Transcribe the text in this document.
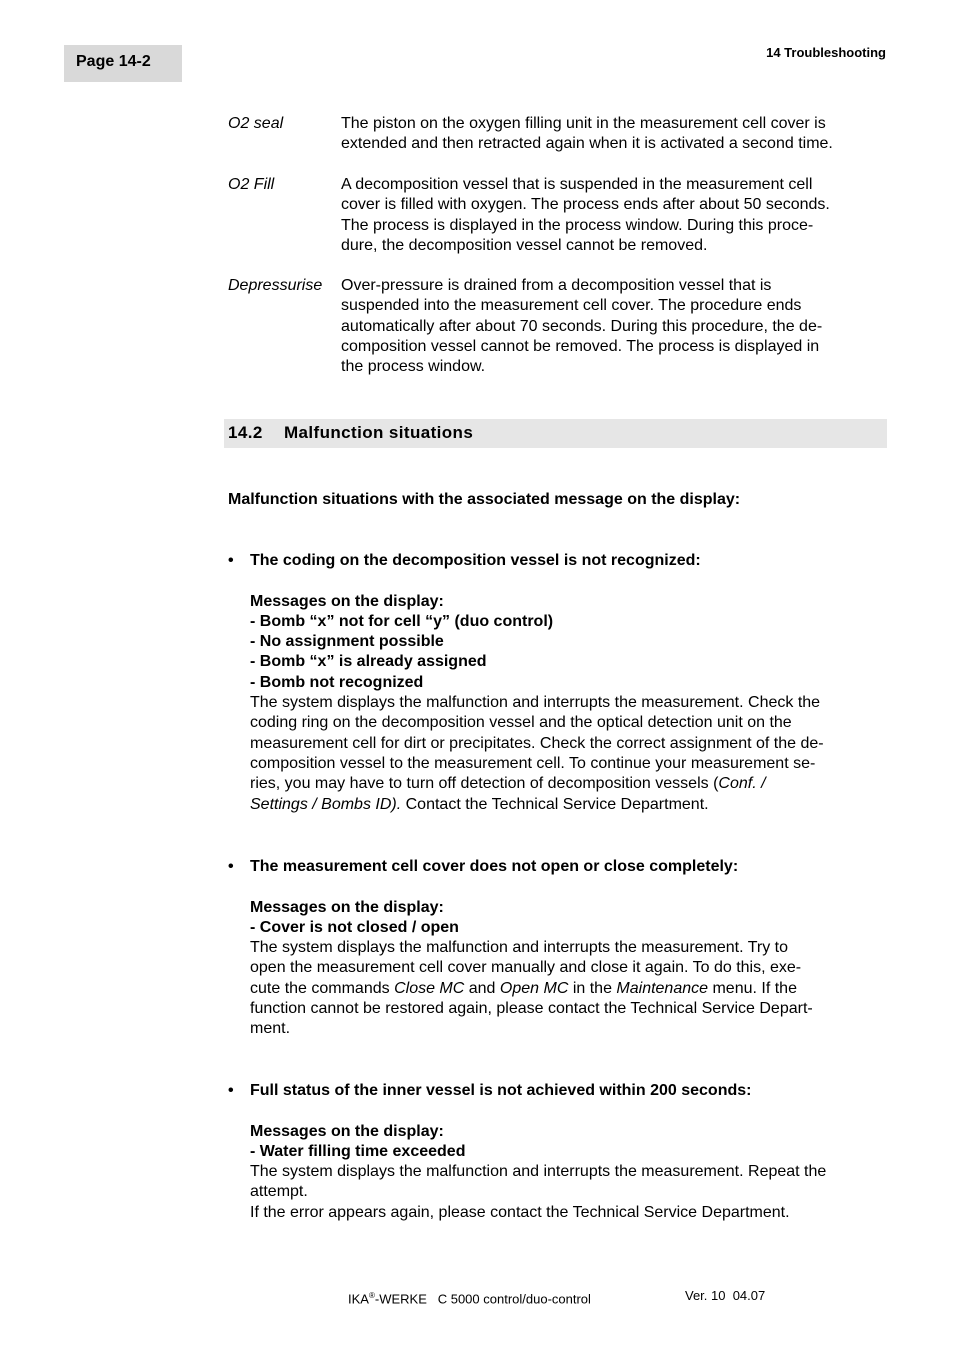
Page 14-2
14 Troubleshooting
O2 seal	The piston on the oxygen filling unit in the measurement cell cover is
extended and then retracted again when it is activated a second time.
O2 Fill	A decomposition vessel that is suspended in the measurement cell
cover is filled with oxygen. The process ends after about 50 seconds.
The process is displayed in the process window. During this proce-
dure, the decomposition vessel cannot be removed.
Depressurise Over-pressure is drained from a decomposition vessel that is
suspended into the measurement cell cover. The procedure ends
automatically after about 70 seconds. During this procedure, the de-
composition vessel cannot be removed. The process is displayed in
the process window.
14.2 Malfunction situations
Malfunction situations with the associated message on the display:
• The coding on the decomposition vessel is not recognized:
Messages on the display:
- Bomb “x” not for cell “y” (duo control)
- No assignment possible
- Bomb “x” is already assigned
- Bomb not recognized
The system displays the malfunction and interrupts the measurement. Check the
coding ring on the decomposition vessel and the optical detection unit on the
measurement cell for dirt or precipitates. Check the correct assignment of the de-
composition vessel to the measurement cell. To continue your measurement se-
ries, you may have to turn off detection of decomposition vessels (Conf. /
Settings / Bombs ID). Contact the Technical Service Department.
• The measurement cell cover does not open or close completely:
Messages on the display:
- Cover is not closed / open
The system displays the malfunction and interrupts the measurement. Try to
open the measurement cell cover manually and close it again. To do this, exe-
cute the commands Close MC and Open MC in the Maintenance menu. If the
function cannot be restored again, please contact the Technical Service Depart-
ment.
• Full status of the inner vessel is not achieved within 200 seconds:
Messages on the display:
- Water filling time exceeded
The system displays the malfunction and interrupts the measurement. Repeat the
attempt.
If the error appears again, please contact the Technical Service Department.
IKA®-WERKE   C 5000 control/duo-control	Ver. 10  04.07
